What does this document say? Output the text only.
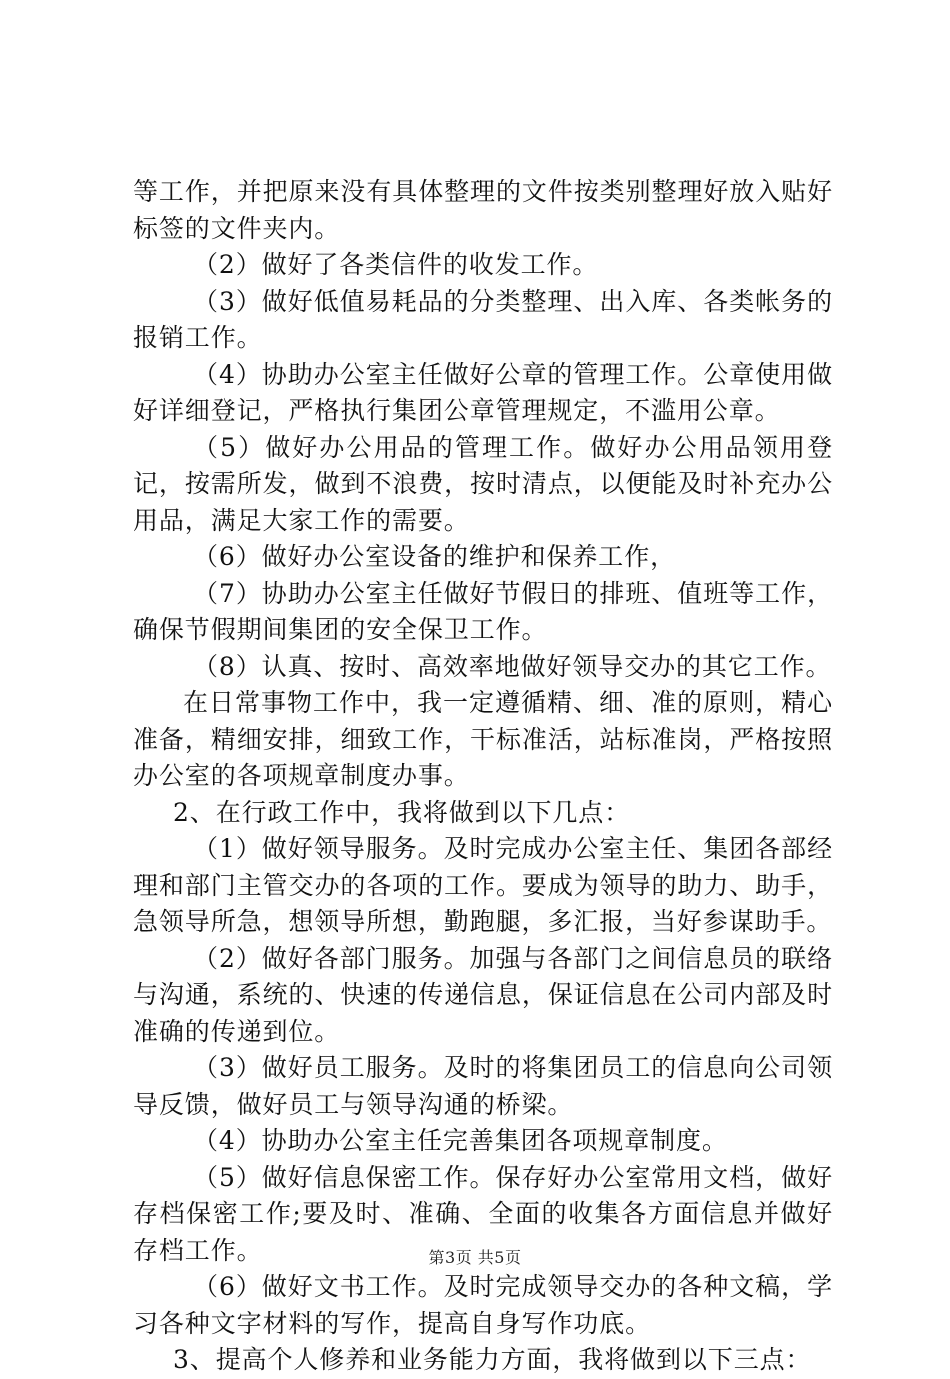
等工作，并把原来没有具体整理的文件按类别整理好放入贴好标签的文件夹内。

（2）做好了各类信件的收发工作。

（3）做好低值易耗品的分类整理、出入库、各类帐务的报销工作。

（4）协助办公室主任做好公章的管理工作。公章使用做好详细登记，严格执行集团公章管理规定，不滥用公章。

（5）做好办公用品的管理工作。做好办公用品领用登记，按需所发，做到不浪费，按时清点，以便能及时补充办公用品，满足大家工作的需要。

（6）做好办公室设备的维护和保养工作，

（7）协助办公室主任做好节假日的排班、值班等工作，确保节假期间集团的安全保卫工作。

（8）认真、按时、高效率地做好领导交办的其它工作。

在日常事物工作中，我一定遵循精、细、准的原则，精心准备，精细安排，细致工作，干标准活，站标准岗，严格按照办公室的各项规章制度办事。

2、在行政工作中，我将做到以下几点：

（1）做好领导服务。及时完成办公室主任、集团各部经理和部门主管交办的各项的工作。要成为领导的助力、助手，急领导所急，想领导所想，勤跑腿，多汇报，当好参谋助手。

（2）做好各部门服务。加强与各部门之间信息员的联络与沟通，系统的、快速的传递信息，保证信息在公司内部及时准确的传递到位。

（3）做好员工服务。及时的将集团员工的信息向公司领导反馈，做好员工与领导沟通的桥梁。

（4）协助办公室主任完善集团各项规章制度。

（5）做好信息保密工作。保存好办公室常用文档，做好存档保密工作;要及时、准确、全面的收集各方面信息并做好存档工作。

（6）做好文书工作。及时完成领导交办的各种文稿，学习各种文字材料的写作，提高自身写作功底。

3、提高个人修养和业务能力方面，我将做到以下三点：

第3页 共5页
